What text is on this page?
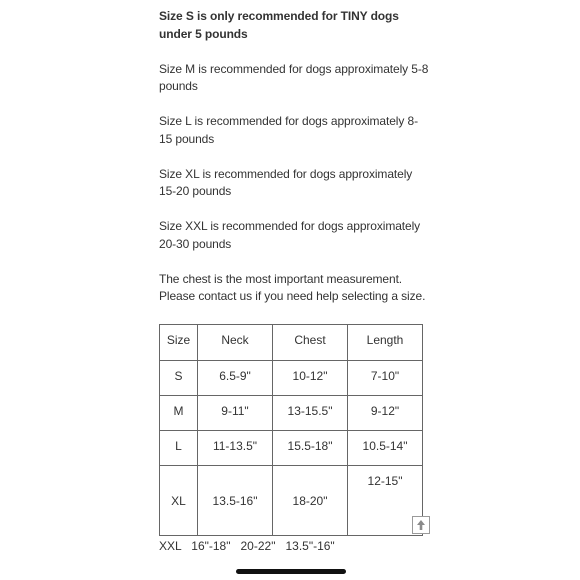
Size S is only recommended for TINY dogs under 5 pounds

Size M is recommended for dogs approximately 5-8 pounds

Size L is recommended for dogs approximately 8-15 pounds

Size XL is recommended for dogs approximately 15-20 pounds

Size XXL is recommended for dogs approximately 20-30 pounds

The chest is the most important measurement. Please contact us if you need help selecting a size.

Size	Neck	Chest	Length
S	6.5-9"	10-12"	7-10"
M	9-11"	13-15.5"	9-12"
L	11-13.5"	15.5-18"	10.5-14"
XL	13.5-16"	18-20"	12-15"
XXL 16"-18" 20-22" 13.5"-16"
